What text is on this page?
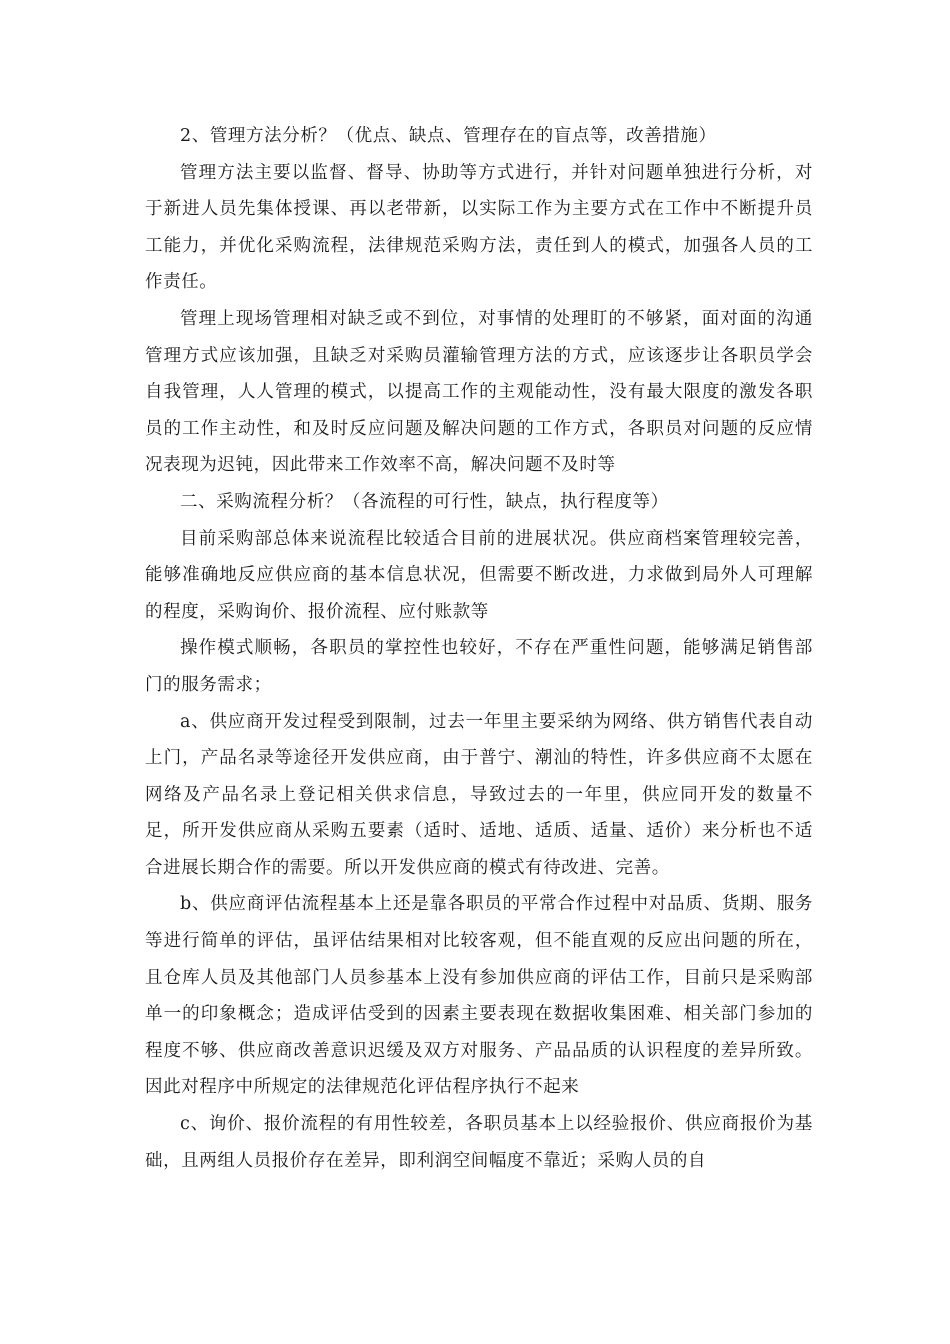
2、管理方法分析？（优点、缺点、管理存在的盲点等，改善措施）

管理方法主要以监督、督导、协助等方式进行，并针对问题单独进行分析，对于新进人员先集体授课、再以老带新，以实际工作为主要方式在工作中不断提升员工能力，并优化采购流程，法律规范采购方法，责任到人的模式，加强各人员的工作责任。

管理上现场管理相对缺乏或不到位，对事情的处理盯的不够紧，面对面的沟通管理方式应该加强，且缺乏对采购员灌输管理方法的方式，应该逐步让各职员学会自我管理，人人管理的模式，以提高工作的主观能动性，没有最大限度的激发各职员的工作主动性，和及时反应问题及解决问题的工作方式，各职员对问题的反应情况表现为迟钝，因此带来工作效率不高，解决问题不及时等

二、采购流程分析？（各流程的可行性，缺点，执行程度等）

目前采购部总体来说流程比较适合目前的进展状况。供应商档案管理较完善，能够准确地反应供应商的基本信息状况，但需要不断改进，力求做到局外人可理解的程度，采购询价、报价流程、应付账款等

操作模式顺畅，各职员的掌控性也较好，不存在严重性问题，能够满足销售部门的服务需求；

a、供应商开发过程受到限制，过去一年里主要采纳为网络、供方销售代表自动上门，产品名录等途径开发供应商，由于普宁、潮汕的特性，许多供应商不太愿在网络及产品名录上登记相关供求信息，导致过去的一年里，供应同开发的数量不足，所开发供应商从采购五要素（适时、适地、适质、适量、适价）来分析也不适合进展长期合作的需要。所以开发供应商的模式有待改进、完善。

b、供应商评估流程基本上还是靠各职员的平常合作过程中对品质、货期、服务等进行简单的评估，虽评估结果相对比较客观，但不能直观的反应出问题的所在，且仓库人员及其他部门人员参基本上没有参加供应商的评估工作，目前只是采购部单一的印象概念；造成评估受到的因素主要表现在数据收集困难、相关部门参加的程度不够、供应商改善意识迟缓及双方对服务、产品品质的认识程度的差异所致。因此对程序中所规定的法律规范化评估程序执行不起来

c、询价、报价流程的有用性较差，各职员基本上以经验报价、供应商报价为基础，且两组人员报价存在差异，即利润空间幅度不靠近；采购人员的自
